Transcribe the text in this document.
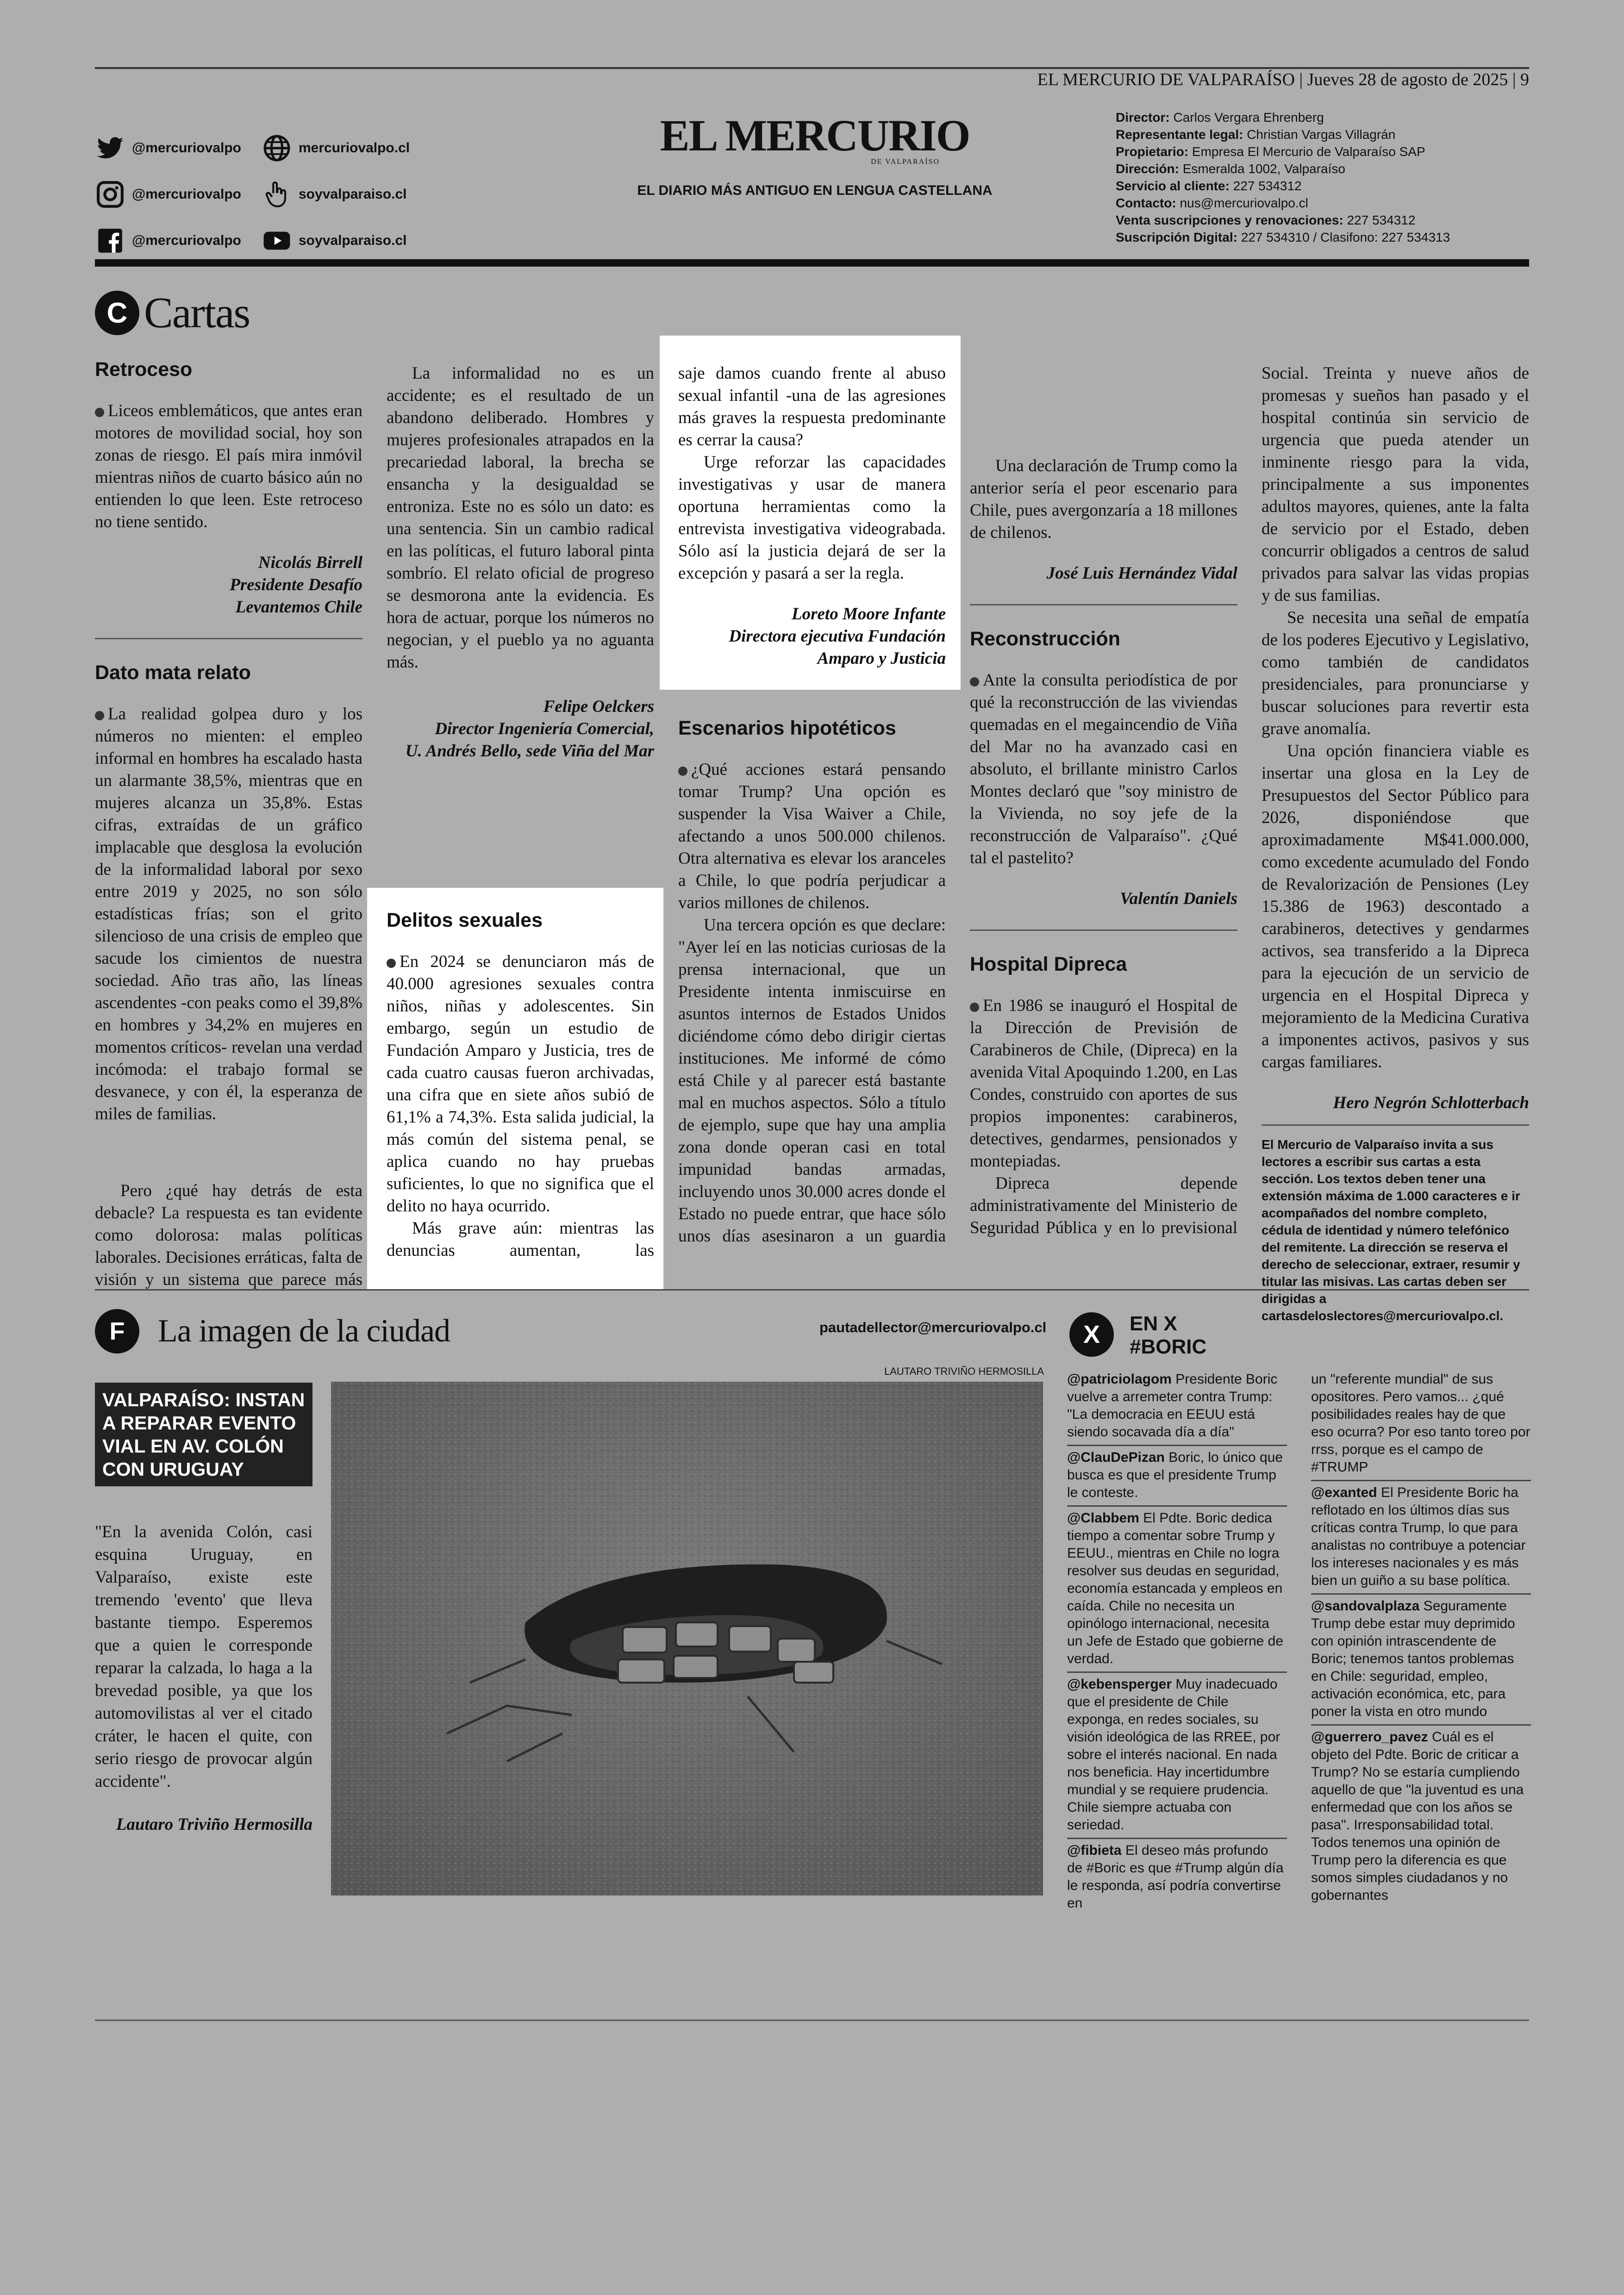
EL MERCURIO DE VALPARAÍSO | Jueves 28 de agosto de 2025 | 9
@mercuriovalpo	mercuriovalpo.cl
@mercuriovalpo	soyvalparaiso.cl
@mercuriovalpo	soyvalparaiso.cl
EL MERCURIO
DE VALPARAÍSO
EL DIARIO MÁS ANTIGUO EN LENGUA CASTELLANA
Director: Carlos Vergara Ehrenberg
Representante legal: Christian Vargas Villagrán
Propietario: Empresa El Mercurio de Valparaíso SAP
Dirección: Esmeralda 1002, Valparaíso
Servicio al cliente: 227 534312
Contacto: nus@mercuriovalpo.cl
Venta suscripciones y renovaciones: 227 534312
Suscripción Digital: 227 534310 / Clasifono: 227 534313
C Cartas
Retroceso

Liceos emblemáticos, que antes eran motores de movilidad social, hoy son zonas de riesgo. El país mira inmóvil mientras niños de cuarto básico aún no entienden lo que leen. Este retroceso no tiene sentido.

Nicolás Birrell
Presidente Desafío
Levantemos Chile
Dato mata relato

La realidad golpea duro y los números no mienten: el empleo informal en hombres ha escalado hasta un alarmante 38,5%, mientras que en mujeres alcanza un 35,8%. Estas cifras, extraídas de un gráfico implacable que desglosa la evolución de la informalidad laboral por sexo entre 2019 y 2025, no son sólo estadísticas frías; son el grito silencioso de una crisis de empleo que sacude los cimientos de nuestra sociedad. Año tras año, las líneas ascendentes -con peaks como el 39,8% en hombres y 34,2% en mujeres en momentos críticos- revelan una verdad incómoda: el trabajo formal se desvanece, y con él, la esperanza de miles de familias.

Pero ¿qué hay detrás de esta debacle? La respuesta es tan evidente como dolorosa: malas políticas laborales. Decisiones erráticas, falta de visión y un sistema que parece más

La informalidad no es un accidente; es el resultado de un abandono deliberado. Hombres y mujeres profesionales atrapados en la precariedad laboral, la brecha se ensancha y la desigualdad se entroniza. Este no es sólo un dato: es una sentencia. Sin un cambio radical en las políticas, el futuro laboral pinta sombrío. El relato oficial de progreso se desmorona ante la evidencia. Es hora de actuar, porque los números no negocian, y el pueblo ya no aguanta más.

Felipe Oelckers
Director Ingeniería Comercial,
U. Andrés Bello, sede Viña del Mar
Delitos sexuales

En 2024 se denunciaron más de 40.000 agresiones sexuales contra niños, niñas y adolescentes. Sin embargo, según un estudio de Fundación Amparo y Justicia, tres de cada cuatro causas fueron archivadas, una cifra que en siete años subió de 61,1% a 74,3%. Esta salida judicial, la más común del sistema penal, se aplica cuando no hay pruebas suficientes, lo que no significa que el delito no haya ocurrido.

Más grave aún: mientras las denuncias aumentan, las

saje damos cuando frente al abuso sexual infantil -una de las agresiones más graves la respuesta predominante es cerrar la causa?

Urge reforzar las capacidades investigativas y usar de manera oportuna herramientas como la entrevista investigativa videograbada. Sólo así la justicia dejará de ser la excepción y pasará a ser la regla.

Loreto Moore Infante
Directora ejecutiva Fundación
Amparo y Justicia
Escenarios hipotéticos

¿Qué acciones estará pensando tomar Trump? Una opción es suspender la Visa Waiver a Chile, afectando a unos 500.000 chilenos. Otra alternativa es elevar los aranceles a Chile, lo que podría perjudicar a varios millones de chilenos.

Una tercera opción es que declare: "Ayer leí en las noticias curiosas de la prensa internacional, que un Presidente intenta inmiscuirse en asuntos internos de Estados Unidos diciéndome cómo debo dirigir ciertas instituciones. Me informé de cómo está Chile y al parecer está bastante mal en muchos aspectos. Sólo a título de ejemplo, supe que hay una amplia zona donde operan casi en total impunidad bandas armadas, incluyendo unos 30.000 acres donde el Estado no puede entrar, que hace sólo unos días asesinaron a un guardia

Una declaración de Trump como la anterior sería el peor escenario para Chile, pues avergonzaría a 18 millones de chilenos.

José Luis Hernández Vidal
Reconstrucción

Ante la consulta periodística de por qué la reconstrucción de las viviendas quemadas en el megaincendio de Viña del Mar no ha avanzado casi en absoluto, el brillante ministro Carlos Montes declaró que "soy ministro de la Vivienda, no soy jefe de la reconstrucción de Valparaíso". ¿Qué tal el pastelito?

Valentín Daniels
Hospital Dipreca

En 1986 se inauguró el Hospital de la Dirección de Previsión de Carabineros de Chile, (Dipreca) en la avenida Vital Apoquindo 1.200, en Las Condes, construido con aportes de sus propios imponentes: carabineros, detectives, gendarmes, pensionados y montepiadas.

Dipreca depende administrativamente del Ministerio de Seguridad Pública y en lo previsional

Social. Treinta y nueve años de promesas y sueños han pasado y el hospital continúa sin servicio de urgencia que pueda atender un inminente riesgo para la vida, principalmente a sus imponentes adultos mayores, quienes, ante la falta de servicio por el Estado, deben concurrir obligados a centros de salud privados para salvar las vidas propias y de sus familias.

Se necesita una señal de empatía de los poderes Ejecutivo y Legislativo, como también de candidatos presidenciales, para pronunciarse y buscar soluciones para revertir esta grave anomalía.

Una opción financiera viable es insertar una glosa en la Ley de Presupuestos del Sector Público para 2026, disponiéndose que aproximadamente M$41.000.000, como excedente acumulado del Fondo de Revalorización de Pensiones (Ley 15.386 de 1963) descontado a carabineros, detectives y gendarmes activos, sea transferido a la Dipreca para la ejecución de un servicio de urgencia en el Hospital Dipreca y mejoramiento de la Medicina Curativa a imponentes activos, pasivos y sus cargas familiares.

Hero Negrón Schlotterbach
El Mercurio de Valparaíso invita a sus lectores a escribir sus cartas a esta sección. Los textos deben tener una extensión máxima de 1.000 caracteres e ir acompañados del nombre completo, cédula de identidad y número telefónico del remitente. La dirección se reserva el derecho de seleccionar, extraer, resumir y titular las misivas. Las cartas deben ser dirigidas a cartasdeloslectores@mercuriovalpo.cl.
F	La imagen de la ciudad	pautadellector@mercuriovalpo.cl
LAUTARO TRIVIÑO HERMOSILLA
VALPARAÍSO: INSTAN A REPARAR EVENTO VIAL EN AV. COLÓN CON URUGUAY
"En la avenida Colón, casi esquina Uruguay, en Valparaíso, existe este tremendo 'evento' que lleva bastante tiempo. Esperemos que a quien le corresponde reparar la calzada, lo haga a la brevedad posible, ya que los automovilistas al ver el citado cráter, le hacen el quite, con serio riesgo de provocar algún accidente".
Lautaro Triviño Hermosilla
X	EN X
#BORIC
@patriciolagom Presidente Boric vuelve a arremeter contra Trump: "La democracia en EEUU está siendo socavada día a día"
@ClauDePizan Boric, lo único que busca es que el presidente Trump le conteste.
@Clabbem El Pdte. Boric dedica tiempo a comentar sobre Trump y EEUU., mientras en Chile no logra resolver sus deudas en seguridad, economía estancada y empleos en caída. Chile no necesita un opinólogo internacional, necesita un Jefe de Estado que gobierne de verdad.
@kebensperger Muy inadecuado que el presidente de Chile exponga, en redes sociales, su visión ideológica de las RREE, por sobre el interés nacional. En nada nos beneficia. Hay incertidumbre mundial y se requiere prudencia. Chile siempre actuaba con seriedad.
@fibieta El deseo más profundo de #Boric es que #Trump algún día le responda, así podría convertirse en
un "referente mundial" de sus opositores. Pero vamos... ¿qué posibilidades reales hay de que eso ocurra? Por eso tanto toreo por rrss, porque es el campo de #TRUMP
@exanted El Presidente Boric ha reflotado en los últimos días sus críticas contra Trump, lo que para analistas no contribuye a potenciar los intereses nacionales y es más bien un guiño a su base política.
@sandovalplaza Seguramente Trump debe estar muy deprimido con opinión intrascendente de Boric; tenemos tantos problemas en Chile: seguridad, empleo, activación económica, etc, para poner la vista en otro mundo
@guerrero_pavez Cuál es el objeto del Pdte. Boric de criticar a Trump? No se estaría cumpliendo aquello de que "la juventud es una enfermedad que con los años se pasa". Irresponsabilidad total. Todos tenemos una opinión de Trump pero la diferencia es que somos simples ciudadanos y no gobernantes
